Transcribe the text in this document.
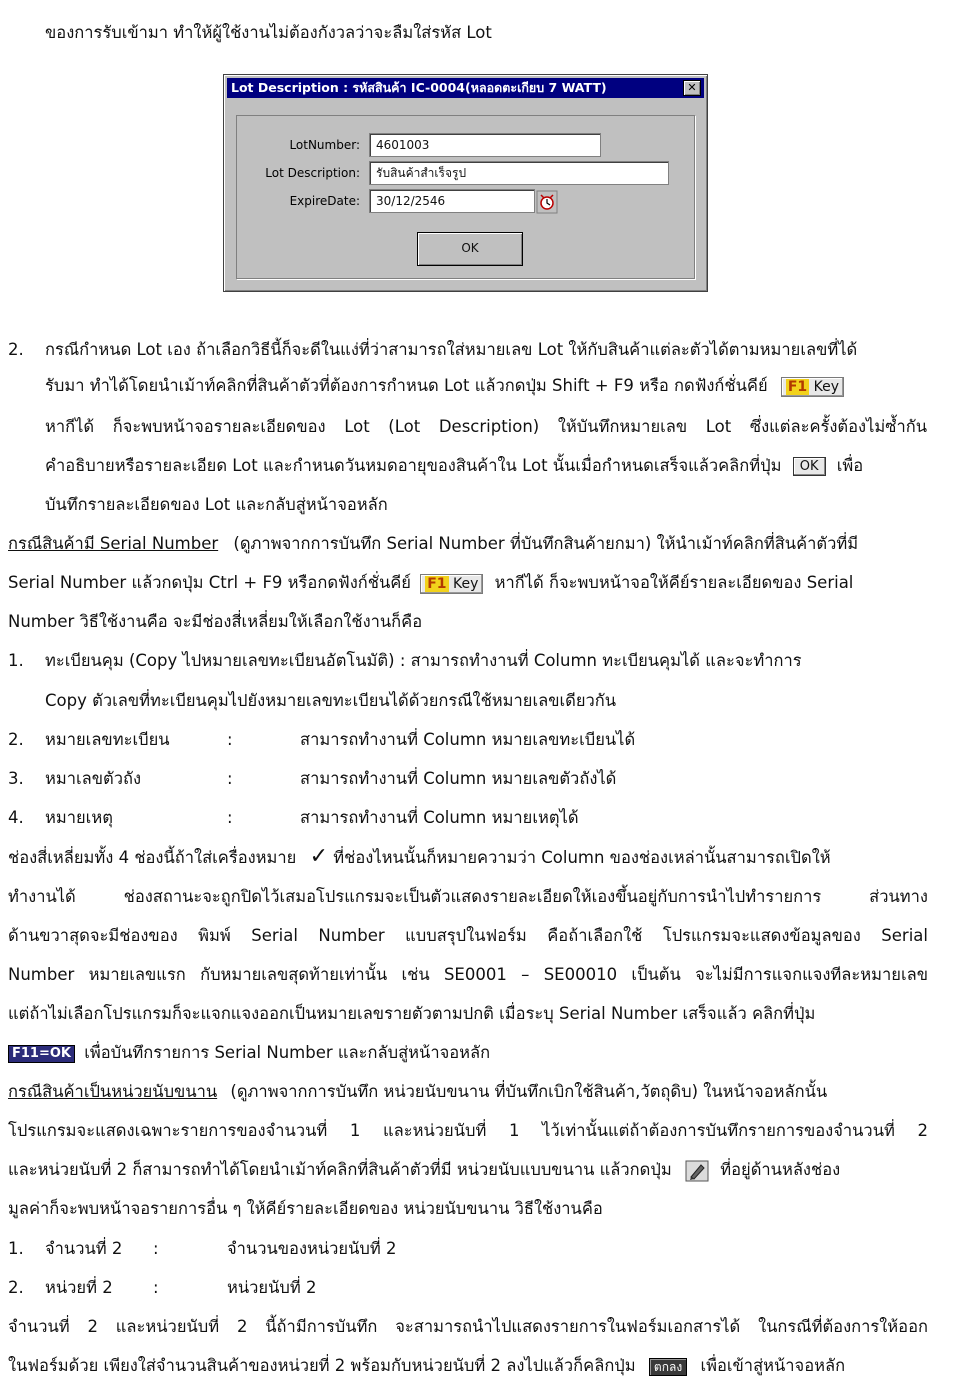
ของการรับเข้ามา ทำให้ผู้ใช้งานไม่ต้องกังวลว่าจะลืมใส่รหัส Lot
Lot Description : รหัสสินค้า IC-0004(หลอดตะเกียบ 7 WATT)	✕
LotNumber:	4601003
Lot Description:	รับสินค้าสำเร็จรูป
ExpireDate:	30/12/2546
OK
2. กรณีกำหนด Lot เอง ถ้าเลือกวิธีนี้ก็จะดีในแง่ที่ว่าสามารถใส่หมายเลข Lot ให้กับสินค้าแต่ละตัวได้ตามหมายเลขที่ได้
รับมา ทำได้โดยนำเม้าท์คลิกที่สินค้าตัวที่ต้องการกำหนด Lot แล้วกดปุ่ม Shift + F9 หรือ กดฟังก์ชั่นคีย์ F1 Key
หากีได้ ก็จะพบหน้าจอรายละเอียดของ Lot (Lot Description) ให้บันทึกหมายเลข Lot ซึ่งแต่ละครั้งต้องไม่ซ้ำกัน
คำอธิบายหรือรายละเอียด Lot และกำหนดวันหมดอายุของสินค้าใน Lot นั้นเมื่อกำหนดเสร็จแล้วคลิกที่ปุ่ม OK เพื่อ
บันทึกรายละเอียดของ Lot และกลับสู่หน้าจอหลัก
กรณีสินค้ามี Serial Number (ดูภาพจากการบันทึก Serial Number ที่บันทึกสินค้ายกมา) ให้นำเม้าท์คลิกที่สินค้าตัวที่มี
Serial Number แล้วกดปุ่ม Ctrl + F9 หรือกดฟังก์ชั่นคีย์ F1 Key หากีได้ ก็จะพบหน้าจอให้คีย์รายละเอียดของ Serial
Number วิธีใช้งานคือ จะมีช่องสี่เหลี่ยมให้เลือกใช้งานก็คือ
1. ทะเบียนคุม (Copy ไปหมายเลขทะเบียนอัตโนมัติ) : สามารถทำงานที่ Column ทะเบียนคุมได้ และจะทำการ
Copy ตัวเลขที่ทะเบียนคุมไปยังหมายเลขทะเบียนได้ด้วยกรณีใช้หมายเลขเดียวกัน
2. หมายเลขทะเบียน	:	สามารถทำงานที่ Column หมายเลขทะเบียนได้
3. หมาเลขตัวถัง	:	สามารถทำงานที่ Column หมายเลขตัวถังได้
4. หมายเหตุ	:	สามารถทำงานที่ Column หมายเหตุได้
ช่องสี่เหลี่ยมทั้ง 4 ช่องนี้ถ้าใส่เครื่องหมาย ✓ ที่ช่องไหนนั้นก็หมายความว่า Column ของช่องเหล่านั้นสามารถเปิดให้
ทำงานได้ ช่องสถานะจะถูกปิดไว้เสมอโปรแกรมจะเป็นตัวแสดงรายละเอียดให้เองขึ้นอยู่กับการนำไปทำรายการ ส่วนทาง
ด้านขวาสุดจะมีช่องของ พิมพ์ Serial Number แบบสรุปในฟอร์ม คือถ้าเลือกใช้ โปรแกรมจะแสดงข้อมูลของ Serial
Number หมายเลขแรก กับหมายเลขสุดท้ายเท่านั้น เช่น SE0001 – SE00010 เป็นต้น จะไม่มีการแจกแจงทีละหมายเลข
แต่ถ้าไม่เลือกโปรแกรมก็จะแจกแจงออกเป็นหมายเลขรายตัวตามปกติ เมื่อระบุ Serial Number เสร็จแล้ว คลิกที่ปุ่ม
F11=OK เพื่อบันทึกรายการ Serial Number และกลับสู่หน้าจอหลัก
กรณีสินค้าเป็นหน่วยนับขนาน (ดูภาพจากการบันทึก หน่วยนับขนาน ที่บันทึกเบิกใช้สินค้า,วัตถุดิบ) ในหน้าจอหลักนั้น
โปรแกรมจะแสดงเฉพาะรายการของจำนวนที่ 1 และหน่วยนับที่ 1 ไว้เท่านั้นแต่ถ้าต้องการบันทึกรายการของจำนวนที่ 2
และหน่วยนับที่ 2 ก็สามารถทำได้โดยนำเม้าท์คลิกที่สินค้าตัวที่มี หน่วยนับแบบขนาน แล้วกดปุ่ม	ที่อยู่ด้านหลังช่อง
มูลค่าก็จะพบหน้าจอรายการอื่น ๆ ให้คีย์รายละเอียดของ หน่วยนับขนาน วิธีใช้งานคือ
1. จำนวนที่ 2 :	จำนวนของหน่วยนับที่ 2
2. หน่วยที่ 2 :	หน่วยนับที่ 2
จำนวนที่ 2 และหน่วยนับที่ 2 นี้ถ้ามีการบันทึก จะสามารถนำไปแสดงรายการในฟอร์มเอกสารได้ ในกรณีที่ต้องการให้ออก
ในฟอร์มด้วย เพียงใส่จำนวนสินค้าของหน่วยที่ 2 พร้อมกับหน่วยนับที่ 2 ลงไปแล้วก็คลิกปุ่ม ตกลง เพื่อเข้าสู่หน้าจอหลัก
